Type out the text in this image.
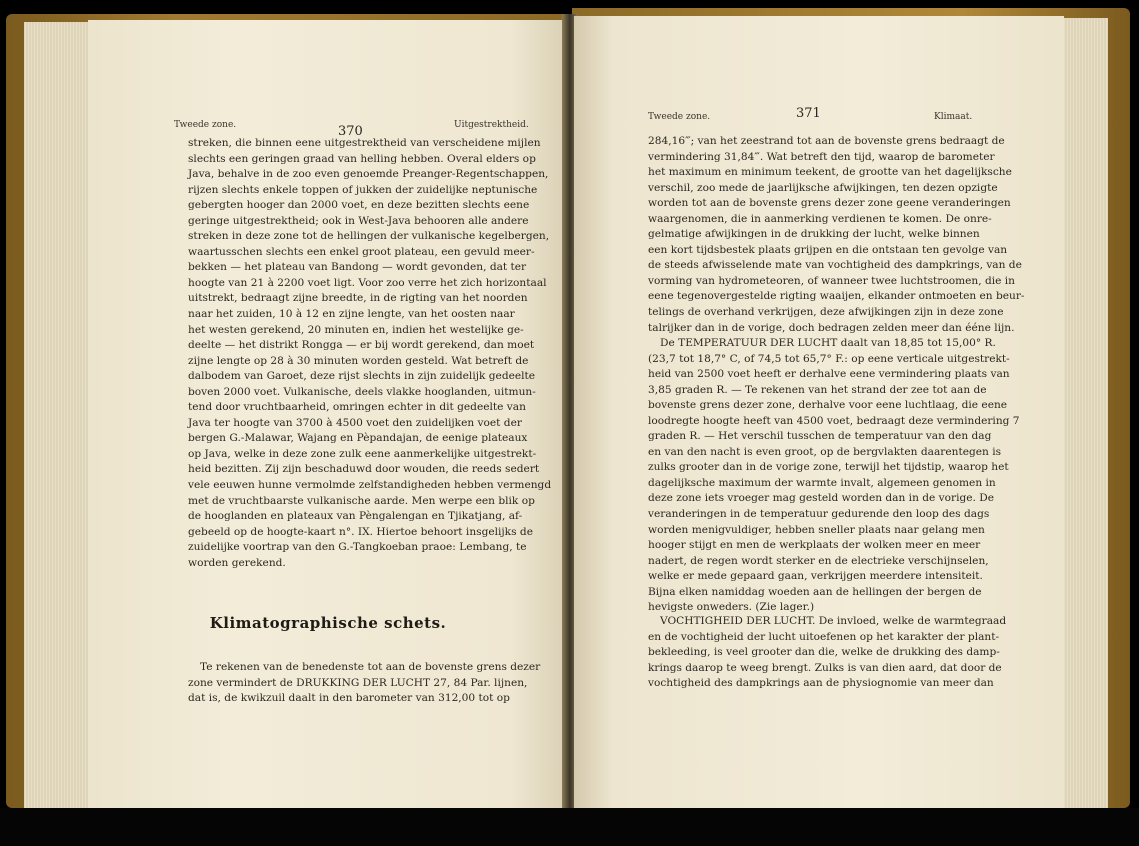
Tweede zone.	370	Uitgestrektheid.
streken, die binnen eene uitgestrektheid van verscheidene mijlen
slechts een geringen graad van helling hebben. Overal elders op
Java, behalve in de zoo even genoemde Preanger-Regentschappen,
rijzen slechts enkele toppen of jukken der zuidelijke neptunische
gebergten hooger dan 2000 voet, en deze bezitten slechts eene
geringe uitgestrektheid; ook in West-Java behooren alle andere
streken in deze zone tot de hellingen der vulkanische kegelbergen,
waartusschen slechts een enkel groot plateau, een gevuld meer-
bekken — het plateau van Bandong — wordt gevonden, dat ter
hoogte van 21 à 2200 voet ligt. Voor zoo verre het zich horizontaal
uitstrekt, bedraagt zijne breedte, in de rigting van het noorden
naar het zuiden, 10 à 12 en zijne lengte, van het oosten naar
het westen gerekend, 20 minuten en, indien het westelijke ge-
deelte — het distrikt Rongga — er bij wordt gerekend, dan moet
zijne lengte op 28 à 30 minuten worden gesteld. Wat betreft de
dalbodem van Garoet, deze rijst slechts in zijn zuidelijk gedeelte
boven 2000 voet. Vulkanische, deels vlakke hooglanden, uitmun-
tend door vruchtbaarheid, omringen echter in dit gedeelte van
Java ter hoogte van 3700 à 4500 voet den zuidelijken voet der
bergen G.-Malawar, Wajang en Pèpandajan, de eenige plateaux
op Java, welke in deze zone zulk eene aanmerkelijke uitgestrekt-
heid bezitten. Zij zijn beschaduwd door wouden, die reeds sedert
vele eeuwen hunne vermolmde zelfstandigheden hebben vermengd
met de vruchtbaarste vulkanische aarde. Men werpe een blik op
de hooglanden en plateaux van Pèngalengan en Tjikatjang, af-
gebeeld op de hoogte-kaart n°. IX. Hiertoe behoort insgelijks de
zuidelijke voortrap van den G.-Tangkoeban praoe: Lembang, te
worden gerekend.
Klimatographische schets.
Te rekenen van de benedenste tot aan de bovenste grens dezer
zone vermindert de DRUKKING DER LUCHT 27, 84 Par. lijnen,
dat is, de kwikzuil daalt in den barometer van 312,00 tot op
Tweede zone.	371	Klimaat.
284,16‴; van het zeestrand tot aan de bovenste grens bedraagt de
vermindering 31,84‴. Wat betreft den tijd, waarop de barometer
het maximum en minimum teekent, de grootte van het dagelijksche
verschil, zoo mede de jaarlijksche afwijkingen, ten dezen opzigte
worden tot aan de bovenste grens dezer zone geene veranderingen
waargenomen, die in aanmerking verdienen te komen. De onre-
gelmatige afwijkingen in de drukking der lucht, welke binnen
een kort tijdsbestek plaats grijpen en die ontstaan ten gevolge van
de steeds afwisselende mate van vochtigheid des dampkrings, van de
vorming van hydrometeoren, of wanneer twee luchtstroomen, die in
eene tegenovergestelde rigting waaijen, elkander ontmoeten en beur-
telings de overhand verkrijgen, deze afwijkingen zijn in deze zone
talrijker dan in de vorige, doch bedragen zelden meer dan ééne lijn.
De TEMPERATUUR DER LUCHT daalt van 18,85 tot 15,00° R.
(23,7 tot 18,7° C, of 74,5 tot 65,7° F.: op eene verticale uitgestrekt-
heid van 2500 voet heeft er derhalve eene vermindering plaats van
3,85 graden R. — Te rekenen van het strand der zee tot aan de
bovenste grens dezer zone, derhalve voor eene luchtlaag, die eene
loodregte hoogte heeft van 4500 voet, bedraagt deze vermindering 7
graden R. — Het verschil tusschen de temperatuur van den dag
en van den nacht is even groot, op de bergvlakten daarentegen is
zulks grooter dan in de vorige zone, terwijl het tijdstip, waarop het
dagelijksche maximum der warmte invalt, algemeen genomen in
deze zone iets vroeger mag gesteld worden dan in de vorige. De
veranderingen in de temperatuur gedurende den loop des dags
worden menigvuldiger, hebben sneller plaats naar gelang men
hooger stijgt en men de werkplaats der wolken meer en meer
nadert, de regen wordt sterker en de electrieke verschijnselen,
welke er mede gepaard gaan, verkrijgen meerdere intensiteit.
Bijna elken namiddag woeden aan de hellingen der bergen de
hevigste onweders. (Zie lager.)
VOCHTIGHEID DER LUCHT. De invloed, welke de warmtegraad
en de vochtigheid der lucht uitoefenen op het karakter der plant-
bekleeding, is veel grooter dan die, welke de drukking des damp-
krings daarop te weeg brengt. Zulks is van dien aard, dat door de
vochtigheid des dampkrings aan de physiognomie van meer dan
